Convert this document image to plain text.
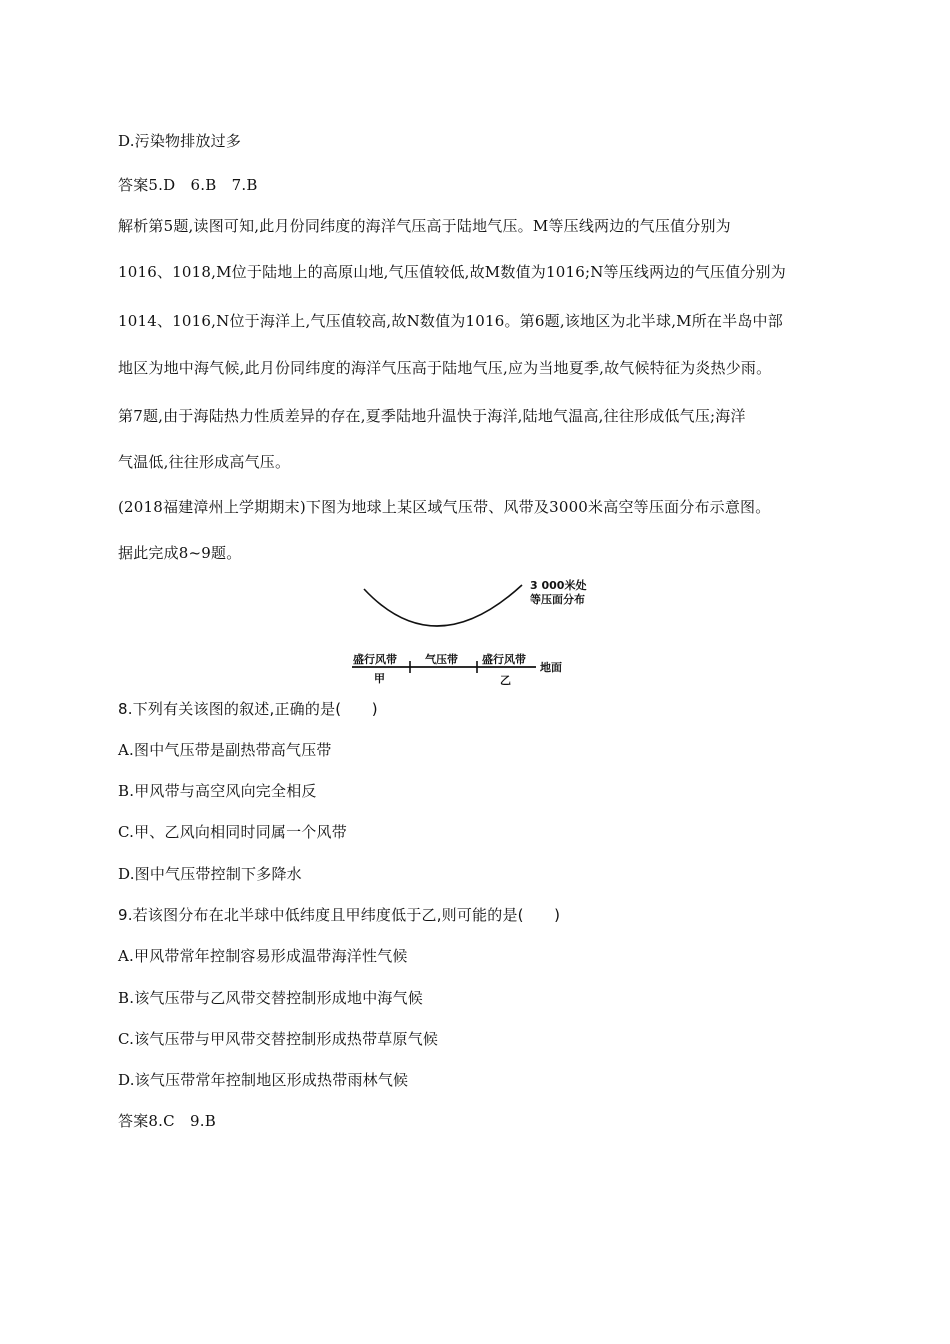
D.污染物排放过多
答案5.D　6.B　7.B
解析第5题,读图可知,此月份同纬度的海洋气压高于陆地气压。M等压线两边的气压值分别为
1016、1018,M位于陆地上的高原山地,气压值较低,故M数值为1016;N等压线两边的气压值分别为
1014、1016,N位于海洋上,气压值较高,故N数值为1016。第6题,该地区为北半球,M所在半岛中部
地区为地中海气候,此月份同纬度的海洋气压高于陆地气压,应为当地夏季,故气候特征为炎热少雨。
第7题,由于海陆热力性质差异的存在,夏季陆地升温快于海洋,陆地气温高,往往形成低气压;海洋
气温低,往往形成高气压。
(2018福建漳州上学期期末)下图为地球上某区域气压带、风带及3000米高空等压面分布示意图。
据此完成8~9题。
3 000米处
等压面分布
盛行风带	气压带 盛行风带
地面
甲	乙
8.下列有关该图的叙述,正确的是(　　)
A.图中气压带是副热带高气压带
B.甲风带与高空风向完全相反
C.甲、乙风向相同时同属一个风带
D.图中气压带控制下多降水
9.若该图分布在北半球中低纬度且甲纬度低于乙,则可能的是(　　)
A.甲风带常年控制容易形成温带海洋性气候
B.该气压带与乙风带交替控制形成地中海气候
C.该气压带与甲风带交替控制形成热带草原气候
D.该气压带常年控制地区形成热带雨林气候
答案8.C　9.B
